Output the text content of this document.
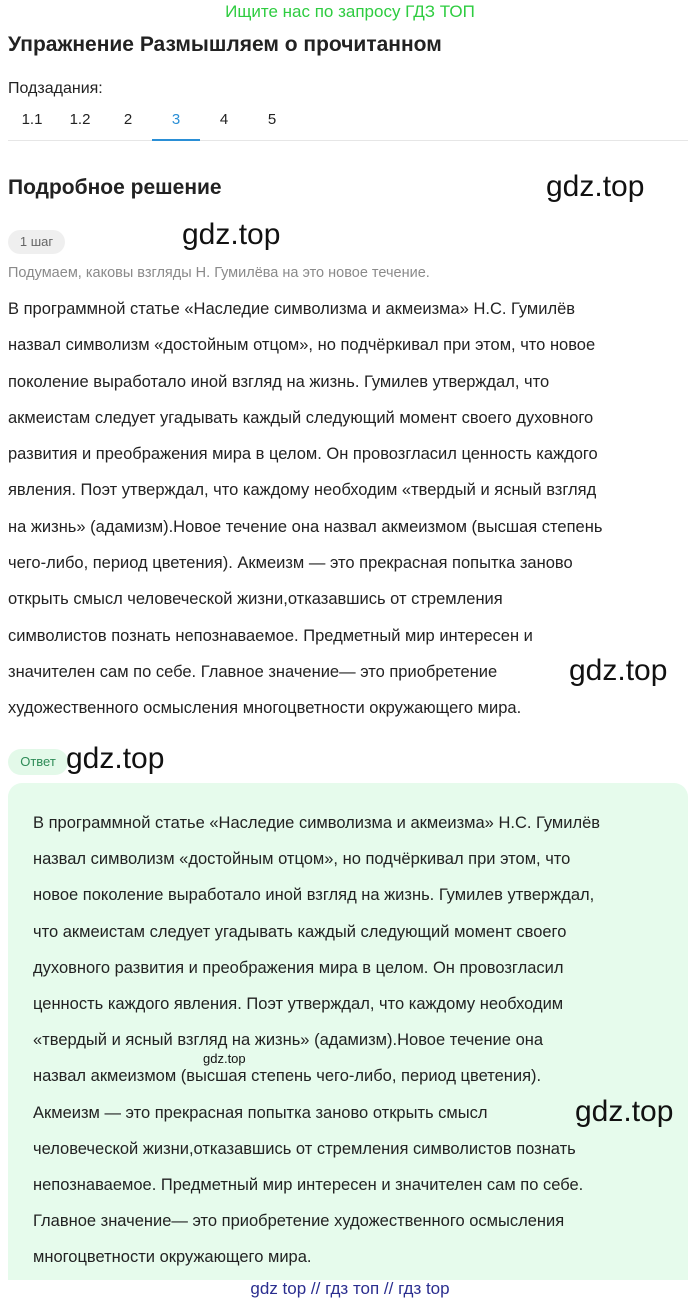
Ищите нас по запросу ГДЗ ТОП
Упражнение Размышляем о прочитанном
Подзадания:
1.1	1.2	2	3	4	5
Подробное решение	gdz.top
1 шаг	gdz.top
Подумаем, каковы взгляды Н. Гумилёва на это новое течение.
В программной статье «Наследие символизма и акмеизма» Н.С. Гумилёв
назвал символизм «достойным отцом», но подчёркивал при этом, что новое
поколение выработало иной взгляд на жизнь. Гумилев утверждал, что
акмеистам следует угадывать каждый следующий момент своего духовного
развития и преображения мира в целом. Он провозгласил ценность каждого
явления. Поэт утверждал, что каждому необходим «твердый и ясный взгляд
на жизнь» (адамизм).Новое течение она назвал акмеизмом (высшая степень
чего-либо, период цветения). Акмеизм — это прекрасная попытка заново
открыть смысл человеческой жизни,отказавшись от стремления
символистов познать непознаваемое. Предметный мир интересен и
значителен сам по себе. Главное значение— это приобретение
художественного осмысления многоцветности окружающего мира.
gdz.top
Ответ gdz.top
В программной статье «Наследие символизма и акмеизма» Н.С. Гумилёв
назвал символизм «достойным отцом», но подчёркивал при этом, что
новое поколение выработало иной взгляд на жизнь. Гумилев утверждал,
что акмеистам следует угадывать каждый следующий момент своего
духовного развития и преображения мира в целом. Он провозгласил
ценность каждого явления. Поэт утверждал, что каждому необходим
«твердый и ясный взгляд на жизнь» (адамизм).Новое течение она
назвал акмеизмом (высшая степень чего-либо, период цветения).
Акмеизм — это прекрасная попытка заново открыть смысл
человеческой жизни,отказавшись от стремления символистов познать
непознаваемое. Предметный мир интересен и значителен сам по себе.
Главное значение— это приобретение художественного осмысления
многоцветности окружающего мира.
gdz.top
gdz.top
gdz top // гдз топ // гдз top
